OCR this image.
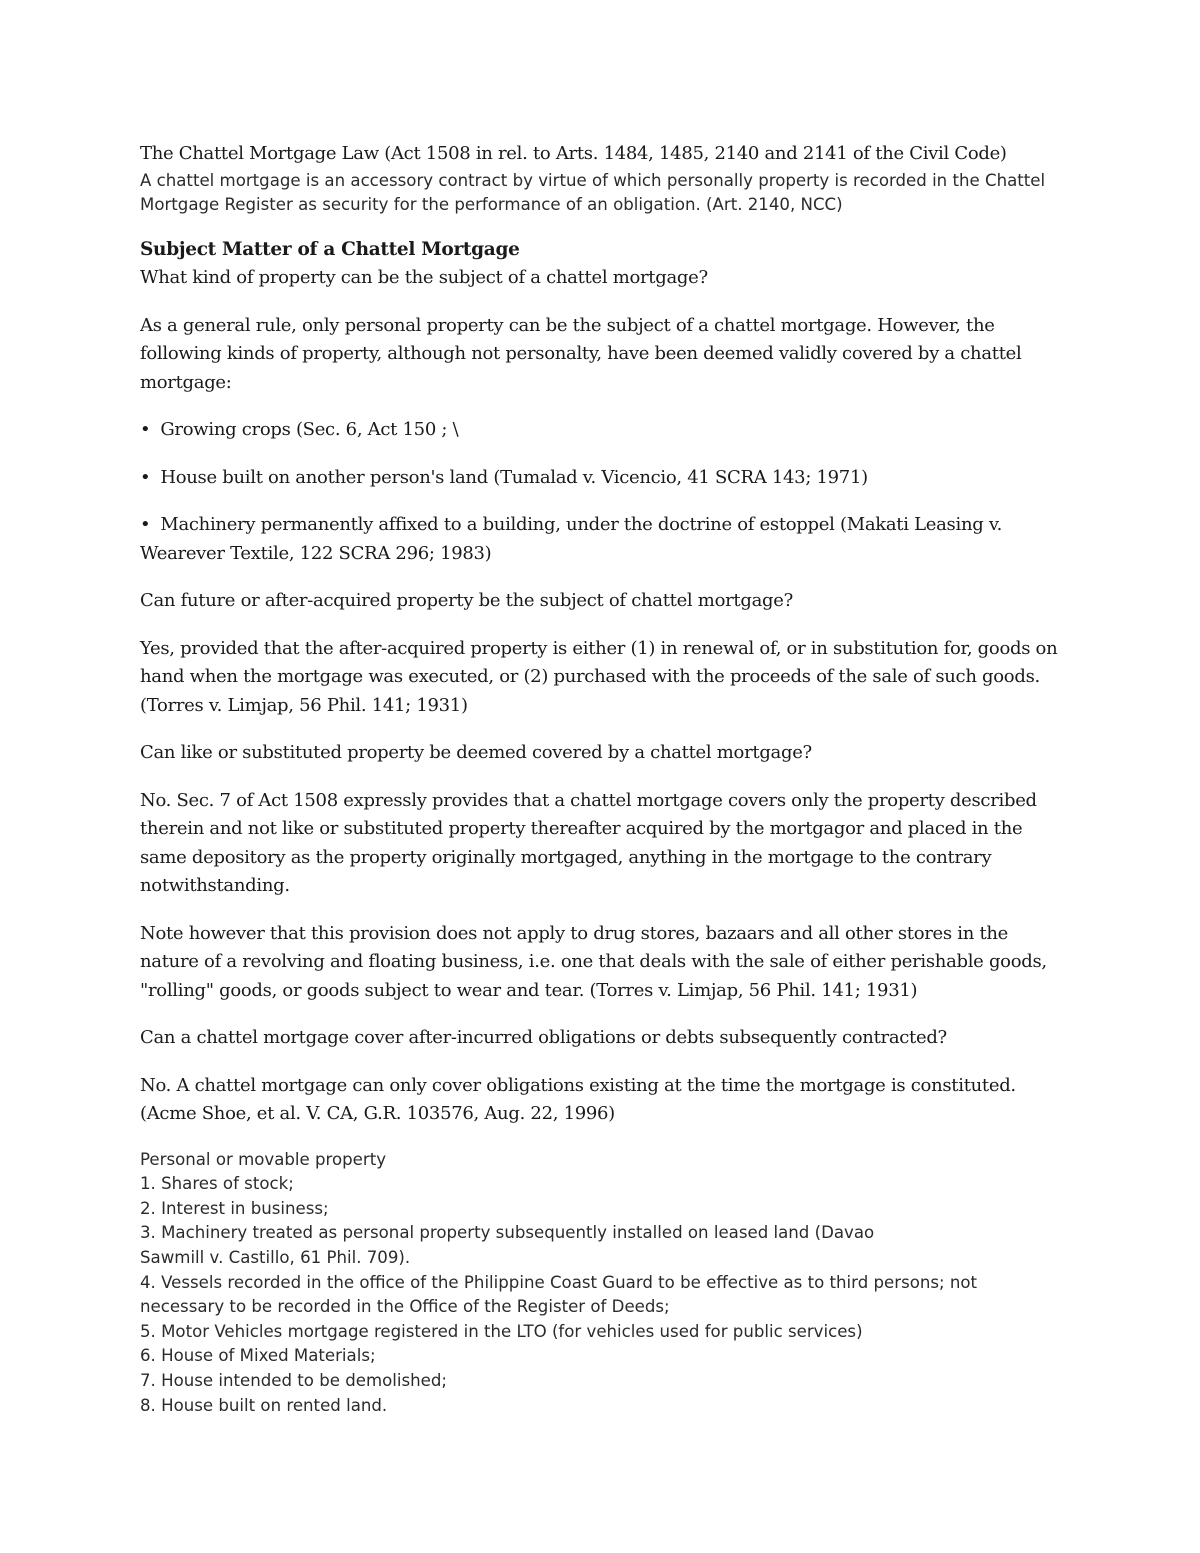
The Chattel Mortgage Law (Act 1508 in rel. to Arts. 1484, 1485, 2140 and 2141 of the Civil Code)

A chattel mortgage is an accessory contract by virtue of which personally property is recorded in the Chattel Mortgage Register as security for the performance of an obligation. (Art. 2140, NCC)

Subject Matter of a Chattel Mortgage

What kind of property can be the subject of a chattel mortgage?

As a general rule, only personal property can be the subject of a chattel mortgage. However, the following kinds of property, although not personalty, have been deemed validly covered by a chattel mortgage:

• Growing crops (Sec. 6, Act 150 ; \

• House built on another person's land (Tumalad v. Vicencio, 41 SCRA 143; 1971)

• Machinery permanently affixed to a building, under the doctrine of estoppel (Makati Leasing v. Wearever Textile, 122 SCRA 296; 1983)

Can future or after-acquired property be the subject of chattel mortgage?

Yes, provided that the after-acquired property is either (1) in renewal of, or in substitution for, goods on hand when the mortgage was executed, or (2) purchased with the proceeds of the sale of such goods. (Torres v. Limjap, 56 Phil. 141; 1931)

Can like or substituted property be deemed covered by a chattel mortgage?

No. Sec. 7 of Act 1508 expressly provides that a chattel mortgage covers only the property described therein and not like or substituted property thereafter acquired by the mortgagor and placed in the same depository as the property originally mortgaged, anything in the mortgage to the contrary notwithstanding.

Note however that this provision does not apply to drug stores, bazaars and all other stores in the nature of a revolving and floating business, i.e. one that deals with the sale of either perishable goods, "rolling" goods, or goods subject to wear and tear. (Torres v. Limjap, 56 Phil. 141; 1931)

Can a chattel mortgage cover after-incurred obligations or debts subsequently contracted?

No. A chattel mortgage can only cover obligations existing at the time the mortgage is constituted. (Acme Shoe, et al. V. CA, G.R. 103576, Aug. 22, 1996)

Personal or movable property
1. Shares of stock;
2. Interest in business;
3. Machinery treated as personal property subsequently installed on leased land (Davao
Sawmill v. Castillo, 61 Phil. 709).
4. Vessels recorded in the office of the Philippine Coast Guard to be effective as to third persons; not
necessary to be recorded in the Office of the Register of Deeds;
5. Motor Vehicles mortgage registered in the LTO (for vehicles used for public services)
6. House of Mixed Materials;
7. House intended to be demolished;
8. House built on rented land.
